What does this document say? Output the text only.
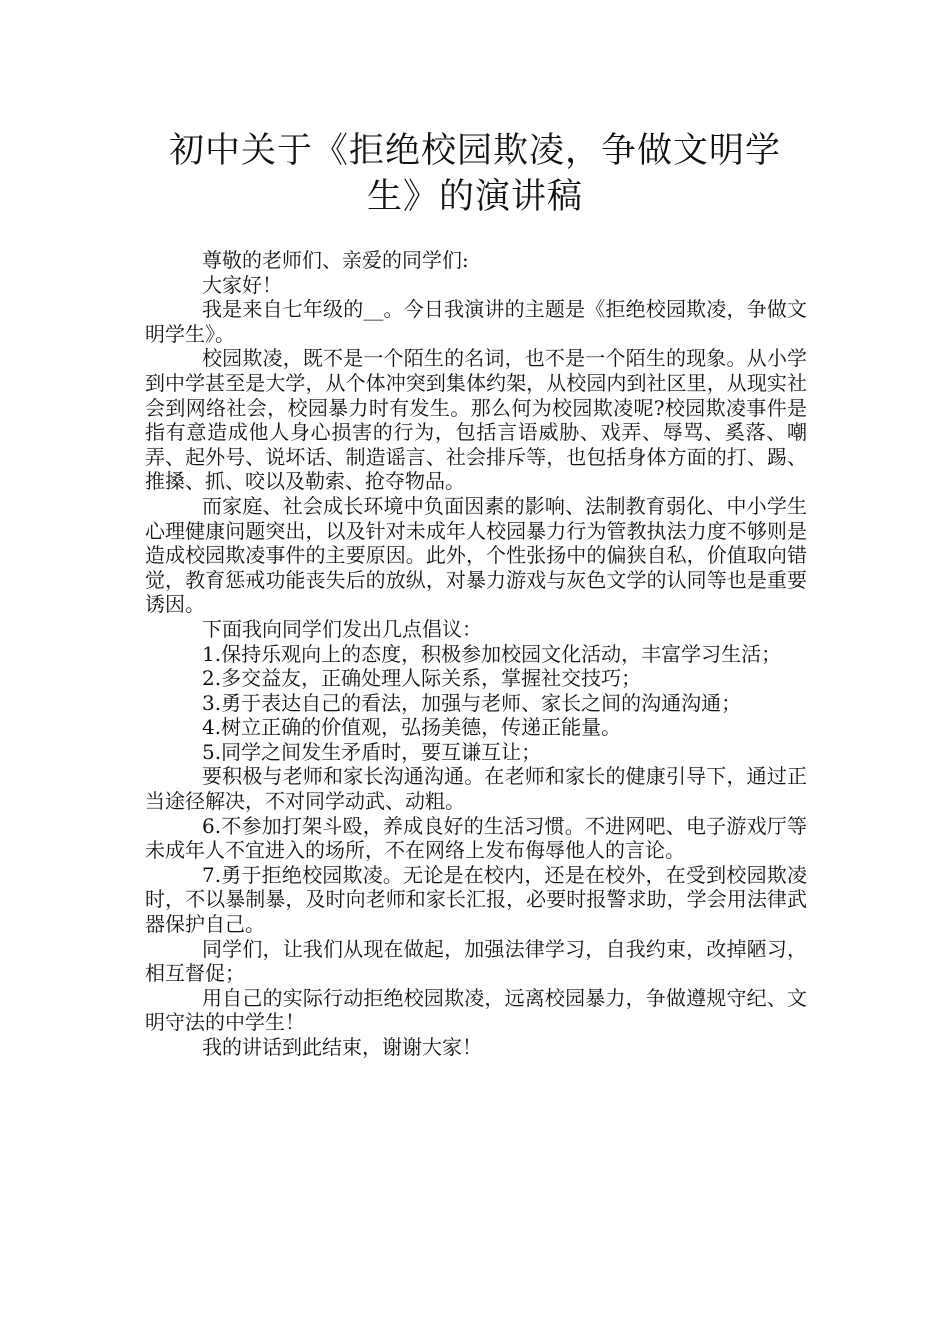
初中关于《拒绝校园欺凌，争做文明学
生》的演讲稿

尊敬的老师们、亲爱的同学们:

大家好！

我是来自七年级的__。今日我演讲的主题是《拒绝校园欺凌，争做文明学生》。

校园欺凌，既不是一个陌生的名词，也不是一个陌生的现象。从小学到中学甚至是大学，从个体冲突到集体约架，从校园内到社区里，从现实社会到网络社会，校园暴力时有发生。那么何为校园欺凌呢?校园欺凌事件是指有意造成他人身心损害的行为，包括言语威胁、戏弄、辱骂、奚落、嘲弄、起外号、说坏话、制造谣言、社会排斥等，也包括身体方面的打、踢、推搡、抓、咬以及勒索、抢夺物品。

而家庭、社会成长环境中负面因素的影响、法制教育弱化、中小学生心理健康问题突出，以及针对未成年人校园暴力行为管教执法力度不够则是造成校园欺凌事件的主要原因。此外，个性张扬中的偏狭自私，价值取向错觉，教育惩戒功能丧失后的放纵，对暴力游戏与灰色文学的认同等也是重要诱因。

下面我向同学们发出几点倡议：

1.保持乐观向上的态度，积极参加校园文化活动，丰富学习生活；

2.多交益友，正确处理人际关系，掌握社交技巧；

3.勇于表达自己的看法，加强与老师、家长之间的沟通沟通；

4.树立正确的价值观，弘扬美德，传递正能量。

5.同学之间发生矛盾时，要互谦互让；

要积极与老师和家长沟通沟通。在老师和家长的健康引导下，通过正当途径解决，不对同学动武、动粗。

6.不参加打架斗殴，养成良好的生活习惯。不进网吧、电子游戏厅等未成年人不宜进入的场所，不在网络上发布侮辱他人的言论。

7.勇于拒绝校园欺凌。无论是在校内，还是在校外，在受到校园欺凌时，不以暴制暴，及时向老师和家长汇报，必要时报警求助，学会用法律武器保护自己。

同学们，让我们从现在做起，加强法律学习，自我约束，改掉陋习，相互督促；

用自己的实际行动拒绝校园欺凌，远离校园暴力，争做遵规守纪、文明守法的中学生！

我的讲话到此结束，谢谢大家！
